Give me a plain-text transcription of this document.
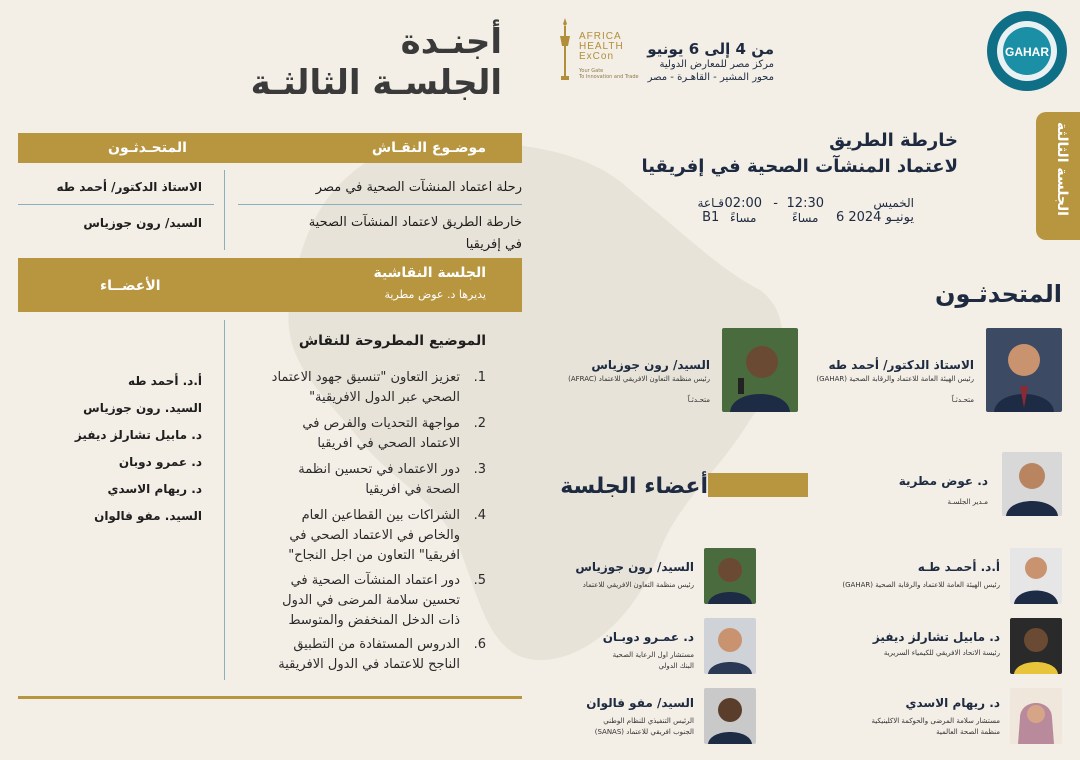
أجنـدة
الجلسـة الثالثـة
AFRICA
HEALTH
ExCon
Your Gate
To Innovation and Trade
من 4 إلى 6 يونيو
مركز مصر للمعارض الدولية
محور المشير - القاهـرة - مصر
GAHAR
موضـوع النقـاش
المتحـدثـون
رحلة اعتماد المنشآت الصحية في مصر
الاستاذ الدكتور/ أحمد طه
خارطة الطريق لاعتماد المنشآت الصحية
في إفريقيا
السيد/ رون جوزياس
الجلسة النقاشية
يديرها د. عوض مطرية
الأعضــاء
الموضيع المطروحة للنقاش
1.تعزيز التعاون "تنسيق جهود الاعتماد
الصحي عبر الدول الافريقية"
2.مواجهة التحديات والفرص في
الاعتماد الصحي في افريقيا
3.دور الاعتماد في تحسين انظمة
الصحة في افريقيا
4.الشراكات بين القطاعين العام
والخاص في الاعتماد الصحي في
افريقيا" التعاون من اجل النجاح"
5.دور اعتماد المنشآت الصحية في
تحسين سلامة المرضى في الدول
ذات الدخل المنخفض والمتوسط
6.الدروس المستفادة من التطبيق
الناجح للاعتماد في الدول الافريقية
أ.د. أحمد طه
السيد. رون جوزياس
د. مابيل تشارلز ديفيز
د. عمرو دوبان
د. ريهام الاسدي
السيد. مفو فالوان
الجلسة الثالثة
خارطة الطريق
لاعتماد المنشآت الصحية في إفريقيا
الخميس
6 يونيـو 2024
12:30
مساءً
-
02:00
مساءً
قـاعة
B1
المتحدثـون
الاستاذ الدكتور/ أحمد طه
رئيس الهيئة العامة للاعتماد والرقابة الصحية (GAHAR)
متحـدثـاً
السيد/ رون جوزياس
رئيس منظمة التعاون الافريقي للاعتماد (AFRAC)
متحـدثـاً
د. عوض مطرية
مـدير الجلسـة
أعضاء الجلسة
أ.د. أحمـد طـه
رئيس الهيئة العامة للاعتماد والرقابة الصحية (GAHAR)
د. مابيل تشارلز ديفيز
رئيسة الاتحاد الافريقي للكيمياء السريرية
د. ريهام الاسدي
مستشار سلامة المرضى والحوكمة الاكلينيكية
منظمة الصحة العالمية
السيد/ رون جوزياس
رئيس منظمة التعاون الافريقي للاعتماد
د. عمـرو دوبـان
مستشار اول الرعاية الصحية
البنك الدولي
السيد/ مفو فالوان
الرئيس التنفيذي للنظام الوطني
الجنوب افريقي للاعتماد (SANAS)
